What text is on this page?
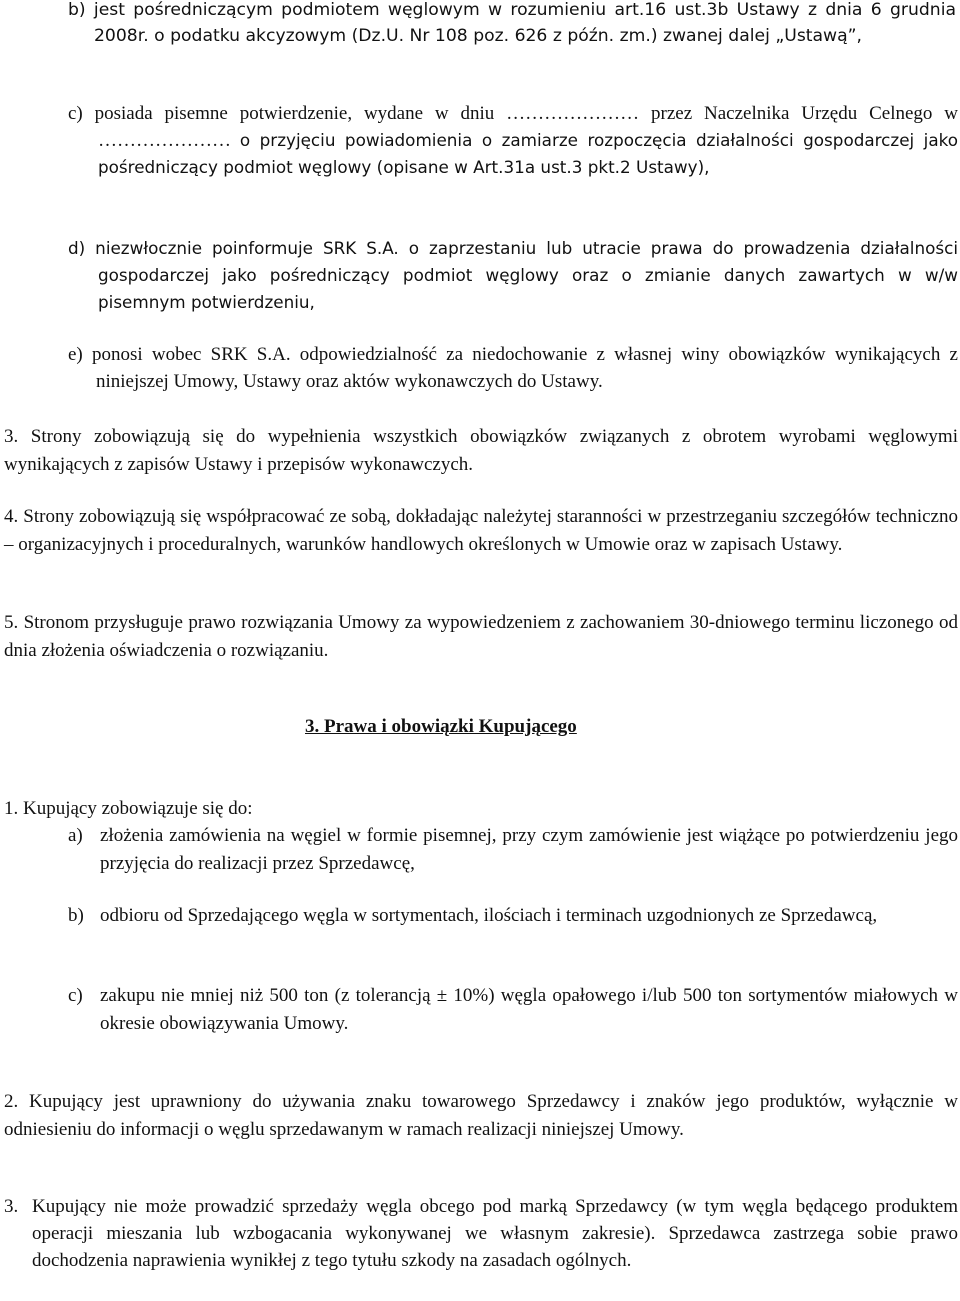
b) jest pośredniczącym podmiotem węglowym w rozumieniu art.16 ust.3b Ustawy z dnia 6 grudnia 2008r. o podatku akcyzowym (Dz.U. Nr 108 poz. 626 z późn. zm.) zwanej dalej „Ustawą”,
c) posiada pisemne potwierdzenie, wydane w dniu ………………… przez Naczelnika Urzędu Celnego w ………………… o przyjęciu powiadomienia o zamiarze rozpoczęcia działalności gospodarczej jako pośredniczący podmiot węglowy (opisane w Art.31a ust.3 pkt.2 Ustawy),
d) niezwłocznie poinformuje SRK S.A. o zaprzestaniu lub utracie prawa do prowadzenia działalności gospodarczej jako pośredniczący podmiot węglowy oraz o zmianie danych zawartych w w/w pisemnym potwierdzeniu,
e) ponosi wobec SRK S.A. odpowiedzialność za niedochowanie z własnej winy obowiązków wynikających z niniejszej Umowy, Ustawy oraz aktów wykonawczych do Ustawy.
3. Strony zobowiązują się do wypełnienia wszystkich obowiązków związanych z obrotem wyrobami węglowymi wynikających z zapisów Ustawy i przepisów wykonawczych.
4. Strony zobowiązują się współpracować ze sobą, dokładając należytej staranności w przestrzeganiu szczegółów techniczno – organizacyjnych i proceduralnych, warunków handlowych określonych w Umowie oraz w zapisach Ustawy.
5. Stronom przysługuje prawo rozwiązania Umowy za wypowiedzeniem z zachowaniem 30-dniowego terminu liczonego od dnia złożenia oświadczenia o rozwiązaniu.
3. Prawa i obowiązki Kupującego
1. Kupujący zobowiązuje się do:
a) złożenia zamówienia na węgiel w formie pisemnej, przy czym zamówienie jest wiążące po potwierdzeniu jego przyjęcia do realizacji przez Sprzedawcę,
b) odbioru od Sprzedającego węgla w sortymentach, ilościach i terminach uzgodnionych ze Sprzedawcą,
c) zakupu nie mniej niż 500 ton (z tolerancją ± 10%) węgla opałowego i/lub 500 ton sortymentów miałowych w okresie obowiązywania Umowy.
2. Kupujący jest uprawniony do używania znaku towarowego Sprzedawcy i znaków jego produktów, wyłącznie w odniesieniu do informacji o węglu sprzedawanym w ramach realizacji niniejszej Umowy.
3. Kupujący nie może prowadzić sprzedaży węgla obcego pod marką Sprzedawcy (w tym węgla będącego produktem operacji mieszania lub wzbogacania wykonywanej we własnym zakresie). Sprzedawca zastrzega sobie prawo dochodzenia naprawienia wynikłej z tego tytułu szkody na zasadach ogólnych.
